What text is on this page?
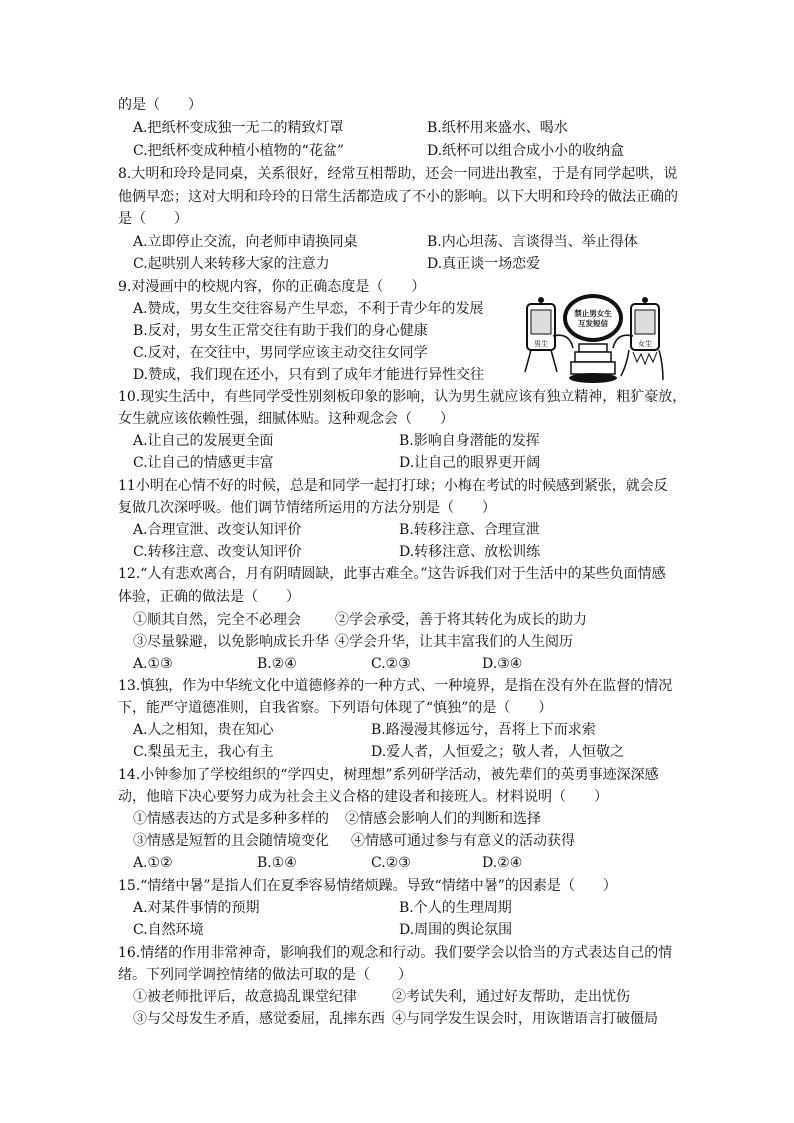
的是（　　）
A.把纸杯变成独一无二的精致灯罩	B.纸杯用来盛水、喝水
C.把纸杯变成种植小植物的“花盆”	D.纸杯可以组合成小小的收纳盒
8.大明和玲玲是同桌，关系很好，经常互相帮助，还会一同进出教室，于是有同学起哄，说
他俩早恋；这对大明和玲玲的日常生活都造成了不小的影响。以下大明和玲玲的做法正确的
是（　　）
A.立即停止交流，向老师申请换同桌	B.内心坦荡、言谈得当、举止得体
C.起哄别人来转移大家的注意力	D.真正谈一场恋爱
9.对漫画中的校规内容，你的正确态度是（　　）
A.赞成，男女生交往容易产生早恋，不利于青少年的发展
B.反对，男女生正常交往有助于我们的身心健康
C.反对，在交往中，男同学应该主动交往女同学
D.赞成，我们现在还小，只有到了成年才能进行异性交往
男生
禁止男女生
互发短信
女生
10.现实生活中，有些同学受性别刻板印象的影响，认为男生就应该有独立精神，粗犷豪放，
女生就应该依赖性强，细腻体贴。这种观念会（　　）
A.让自己的发展更全面	B.影响自身潜能的发挥
C.让自己的情感更丰富	D.让自己的眼界更开阔
11小明在心情不好的时候，总是和同学一起打打球；小梅在考试的时候感到紧张，就会反
复做几次深呼吸。他们调节情绪所运用的方法分别是（　　）
A.合理宣泄、改变认知评价	B.转移注意、合理宣泄
C.转移注意、改变认知评价	D.转移注意、放松训练
12.“人有悲欢离合，月有阴晴圆缺，此事古难全。”这告诉我们对于生活中的某些负面情感
体验，正确的做法是（　　）
①顺其自然，完全不必理会 ②学会承受，善于将其转化为成长的助力
③尽量躲避，以免影响成长升华 ④学会升华，让其丰富我们的人生阅历
A.①③	B.②④	C.②③	D.③④
13.慎独，作为中华统文化中道德修养的一种方式、一种境界，是指在没有外在监督的情况
下，能严守道德准则，自我省察。下列语句体现了“慎独”的是（　　）
A.人之相知，贵在知心	B.路漫漫其修远兮，吾将上下而求索
C.梨虽无主，我心有主	D.爱人者，人恒爱之；敬人者，人恒敬之
14.小钟参加了学校组织的“学四史，树理想”系列研学活动，被先辈们的英勇事迹深深感
动，他暗下决心要努力成为社会主义合格的建设者和接班人。材料说明（　　）
①情感表达的方式是多种多样的 ②情感会影响人们的判断和选择
③情感是短暂的且会随情境变化 ④情感可通过参与有意义的活动获得
A.①②	B.①④	C.②③	D.②④
15.“情绪中暑”是指人们在夏季容易情绪烦躁。导致“情绪中暑”的因素是（　　）
A.对某件事情的预期	B.个人的生理周期
C.自然环境	D.周围的舆论氛围
16.情绪的作用非常神奇，影响我们的观念和行动。我们要学会以恰当的方式表达自己的情
绪。下列同学调控情绪的做法可取的是（　　）
①被老师批评后，故意捣乱课堂纪律	②考试失利，通过好友帮助，走出忧伤
③与父母发生矛盾，感觉委屈，乱摔东西 ④与同学发生误会时，用诙谐语言打破僵局
